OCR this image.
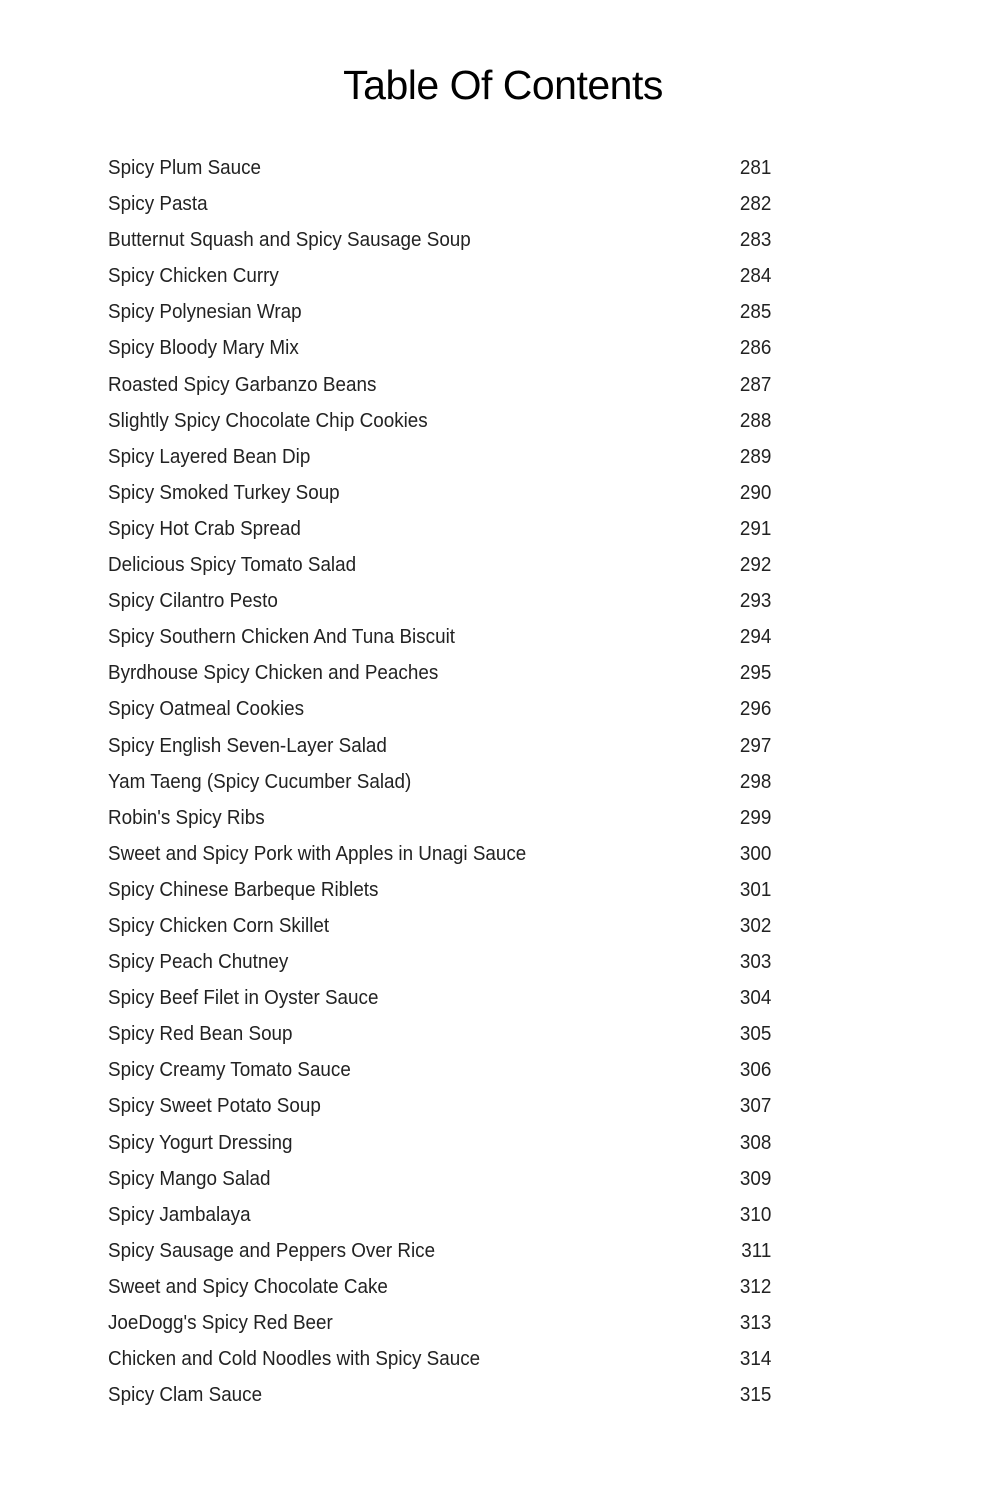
Table Of Contents
Spicy Plum Sauce	281
Spicy Pasta	282
Butternut Squash and Spicy Sausage Soup	283
Spicy Chicken Curry	284
Spicy Polynesian Wrap	285
Spicy Bloody Mary Mix	286
Roasted Spicy Garbanzo Beans	287
Slightly Spicy Chocolate Chip Cookies	288
Spicy Layered Bean Dip	289
Spicy Smoked Turkey Soup	290
Spicy Hot Crab Spread	291
Delicious Spicy Tomato Salad	292
Spicy Cilantro Pesto	293
Spicy Southern Chicken And Tuna Biscuit	294
Byrdhouse Spicy Chicken and Peaches	295
Spicy Oatmeal Cookies	296
Spicy English Seven-Layer Salad	297
Yam Taeng (Spicy Cucumber Salad)	298
Robin's Spicy Ribs	299
Sweet and Spicy Pork with Apples in Unagi Sauce	300
Spicy Chinese Barbeque Riblets	301
Spicy Chicken Corn Skillet	302
Spicy Peach Chutney	303
Spicy Beef Filet in Oyster Sauce	304
Spicy Red Bean Soup	305
Spicy Creamy Tomato Sauce	306
Spicy Sweet Potato Soup	307
Spicy Yogurt Dressing	308
Spicy Mango Salad	309
Spicy Jambalaya	310
Spicy Sausage and Peppers Over Rice	311
Sweet and Spicy Chocolate Cake	312
JoeDogg's Spicy Red Beer	313
Chicken and Cold Noodles with Spicy Sauce	314
Spicy Clam Sauce	315
